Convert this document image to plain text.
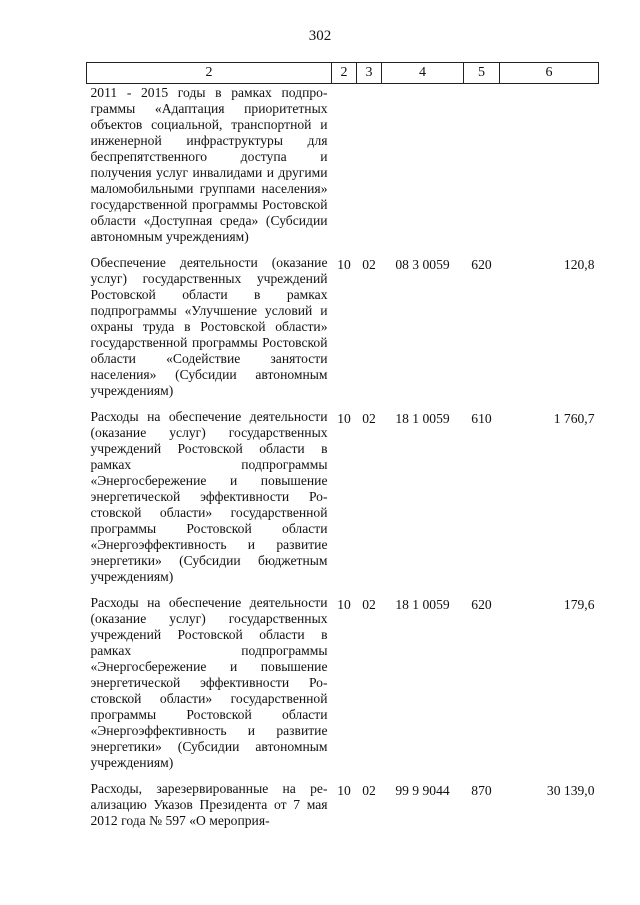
302
2	2	3	4	5	6
2011 - 2015 годы в рамках подпрограммы «Адаптация приоритетных объектов социальной, транспортной и инженерной инфраструктуры для беспрепятственного доступа и получения услуг инвалидами и другими маломобильными группами населения» государственной программы Ростовской области «Доступная среда» (Субсидии автономным учреждениям)					
Обеспечение деятельности (оказание услуг) государственных учреждений Ростовской области в рамках подпрограммы «Улучшение условий и охраны труда в Ростовской области» государственной программы Ростовской области «Содействие занятости населения» (Субсидии автономным учреждениям)	10	02	08 3 0059	620	120,8
Расходы на обеспечение деятельности (оказание услуг) государственных учреждений Ростовской области в рамках подпрограммы «Энергосбережение и повышение энергетической эффективности Ростовской области» государственной программы Ростовской области «Энергоэффективность и развитие энергетики» (Субсидии бюджетным учреждениям)	10	02	18 1 0059	610	1 760,7
Расходы на обеспечение деятельности (оказание услуг) государственных учреждений Ростовской области в рамках подпрограммы «Энергосбережение и повышение энергетической эффективности Ростовской области» государственной программы Ростовской области «Энергоэффективность и развитие энергетики» (Субсидии автономным учреждениям)	10	02	18 1 0059	620	179,6
Расходы, зарезервированные на реализацию Указов Президента от 7 мая 2012 года № 597 «О мероприя-	10	02	99 9 9044	870	30 139,0
